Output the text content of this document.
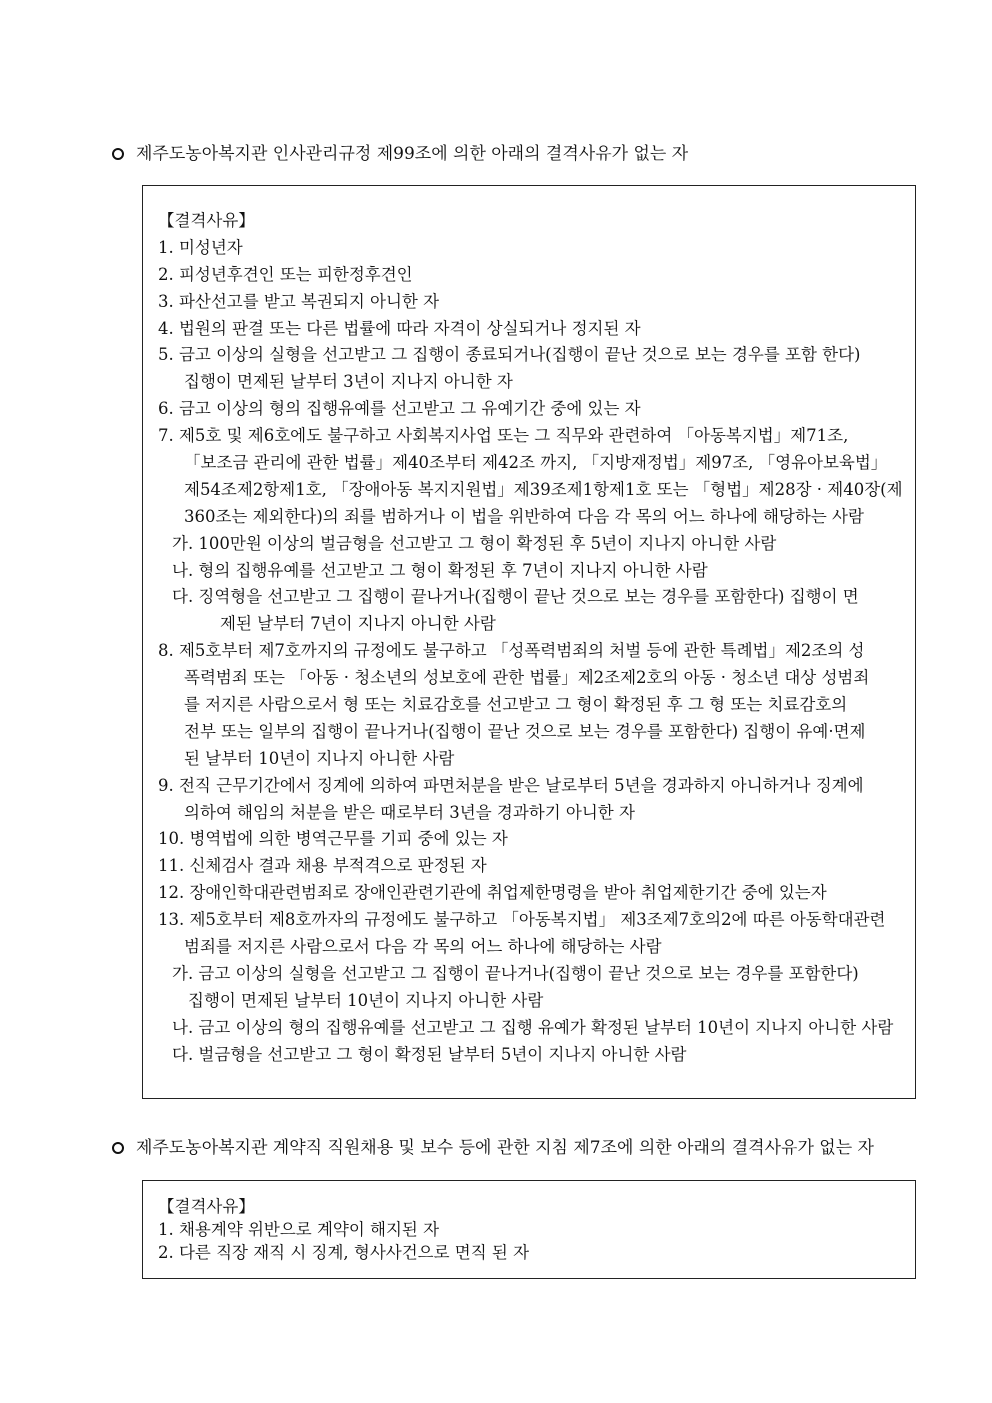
제주도농아복지관 인사관리규정 제99조에 의한 아래의 결격사유가 없는 자
【결격사유】
1. 미성년자
2. 피성년후견인 또는 피한정후견인
3. 파산선고를 받고 복권되지 아니한 자
4. 법원의 판결 또는 다른 법률에 따라 자격이 상실되거나 정지된 자
5. 금고 이상의 실형을 선고받고 그 집행이 종료되거나(집행이 끝난 것으로 보는 경우를 포함 한다)
집행이 면제된 날부터 3년이 지나지 아니한 자
6. 금고 이상의 형의 집행유예를 선고받고 그 유예기간 중에 있는 자
7. 제5호 및 제6호에도 불구하고 사회복지사업 또는 그 직무와 관련하여 「아동복지법」제71조,
「보조금 관리에 관한 법률」제40조부터 제42조 까지, 「지방재정법」제97조, 「영유아보육법」
제54조제2항제1호, 「장애아동 복지지원법」제39조제1항제1호 또는 「형법」제28장 · 제40장(제
360조는 제외한다)의 죄를 범하거나 이 법을 위반하여 다음 각 목의 어느 하나에 해당하는 사람
가. 100만원 이상의 벌금형을 선고받고 그 형이 확정된 후 5년이 지나지 아니한 사람
나. 형의 집행유예를 선고받고 그 형이 확정된 후 7년이 지나지 아니한 사람
다. 징역형을 선고받고 그 집행이 끝나거나(집행이 끝난 것으로 보는 경우를 포함한다) 집행이 면
제된 날부터 7년이 지나지 아니한 사람
8. 제5호부터 제7호까지의 규정에도 불구하고 「성폭력범죄의 처벌 등에 관한 특례법」제2조의 성
폭력범죄 또는 「아동 · 청소년의 성보호에 관한 법률」제2조제2호의 아동 · 청소년 대상 성범죄
를 저지른 사람으로서 형 또는 치료감호를 선고받고 그 형이 확정된 후 그 형 또는 치료감호의
전부 또는 일부의 집행이 끝나거나(집행이 끝난 것으로 보는 경우를 포함한다) 집행이 유예·면제
된 날부터 10년이 지나지 아니한 사람
9. 전직 근무기간에서 징계에 의하여 파면처분을 받은 날로부터 5년을 경과하지 아니하거나 징계에
의하여 해임의 처분을 받은 때로부터 3년을 경과하기 아니한 자
10. 병역법에 의한 병역근무를 기피 중에 있는 자
11. 신체검사 결과 채용 부적격으로 판정된 자
12. 장애인학대관련범죄로 장애인관련기관에 취업제한명령을 받아 취업제한기간 중에 있는자
13. 제5호부터 제8호까자의 규정에도 불구하고 「아동복지법」 제3조제7호의2에 따른 아동학대관련
범죄를 저지른 사람으로서 다음 각 목의 어느 하나에 해당하는 사람
가. 금고 이상의 실형을 선고받고 그 집행이 끝나거나(집행이 끝난 것으로 보는 경우를 포함한다)
집행이 면제된 날부터 10년이 지나지 아니한 사람
나. 금고 이상의 형의 집행유예를 선고받고 그 집행 유예가 확정된 날부터 10년이 지나지 아니한 사람
다. 벌금형을 선고받고 그 형이 확정된 날부터 5년이 지나지 아니한 사람
제주도농아복지관 계약직 직원채용 및 보수 등에 관한 지침 제7조에 의한 아래의 결격사유가 없는 자
【결격사유】
1. 채용계약 위반으로 계약이 해지된 자
2. 다른 직장 재직 시 징계, 형사사건으로 면직 된 자
